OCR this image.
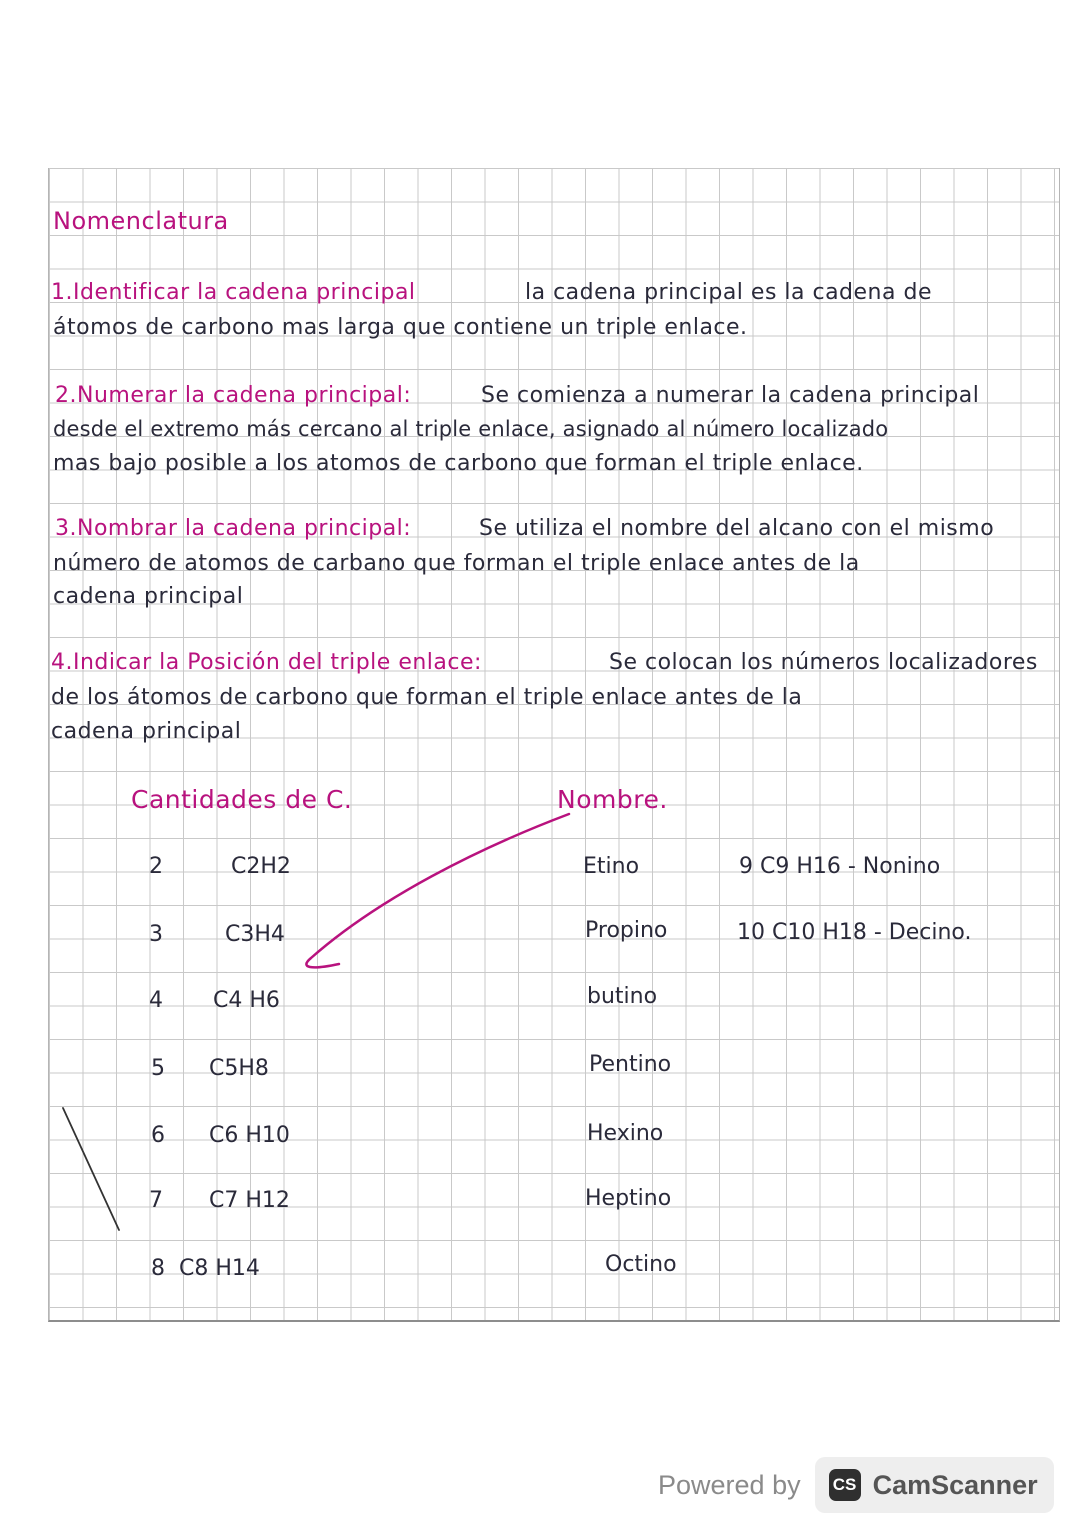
Nomenclatura
1.Identificar la cadena principal	la cadena principal es la cadena de
átomos de carbono mas larga que contiene un triple enlace.
2.Numerar la cadena principal:	Se comienza a numerar la cadena principal
desde el extremo más cercano al triple enlace, asignado al número localizado
mas bajo posible a los atomos de carbono que forman el triple enlace.
3.Nombrar la cadena principal:	Se utiliza el nombre del alcano con el mismo
número de atomos de carbano que forman el triple enlace antes de la
cadena principal
4.Indicar la Posición del triple enlace:	Se colocan los números localizadores
de los átomos de carbono que forman el triple enlace antes de la
cadena principal
Cantidades de C.	Nombre.
2	C2H2	Etino
3	C3H4	Propino
4 C4 H6	butino
5 C5H8	Pentino
6 C6 H10	Hexino
7 C7 H12	Heptino
8 C8 H14	Octino
9 C9 H16 - Nonino
10 C10 H18 - Decino.
Powered by CS CamScanner
